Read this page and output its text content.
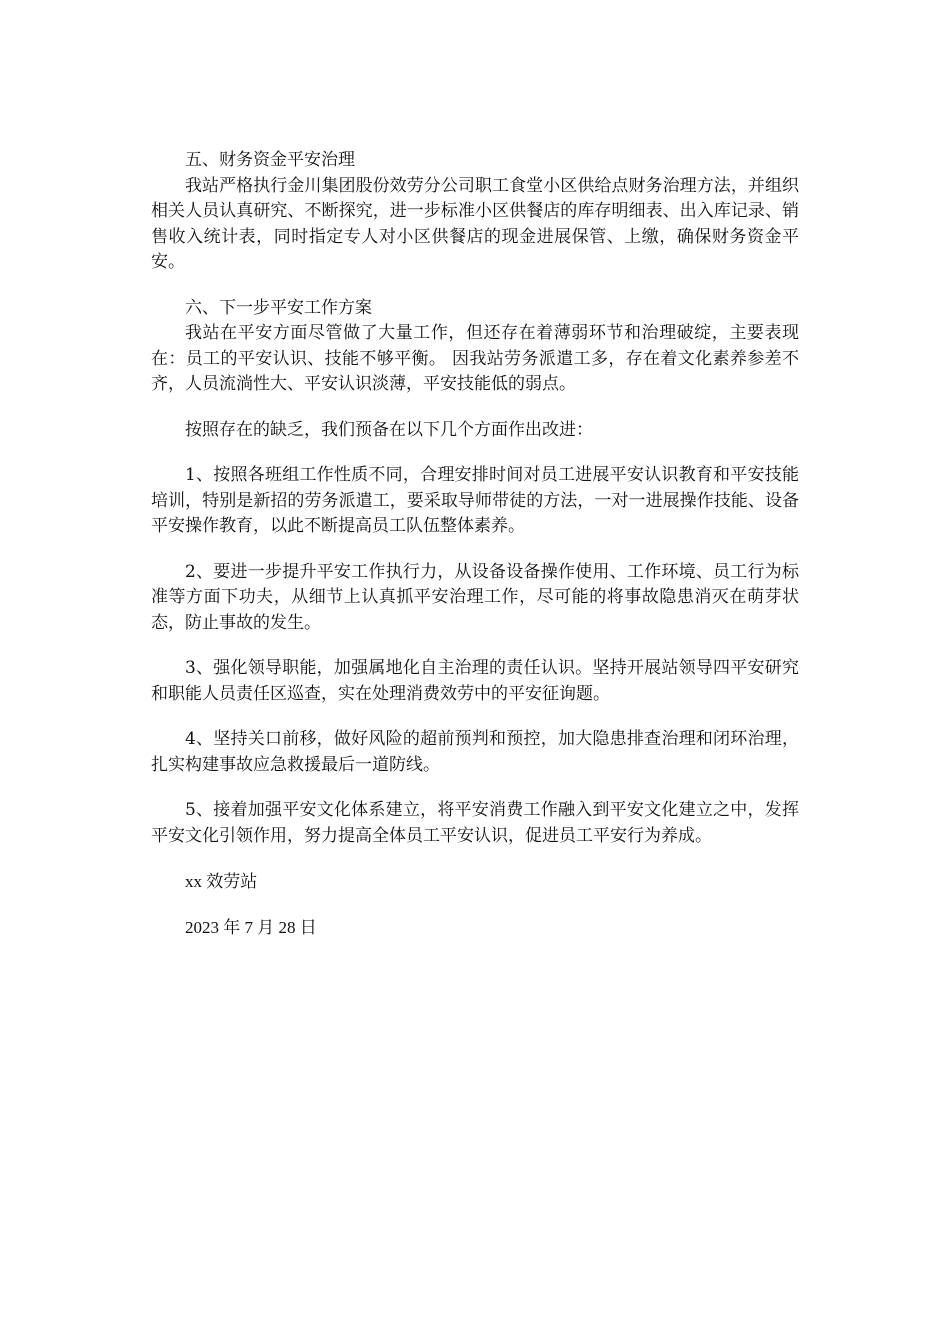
五、财务资金平安治理

我站严格执行金川集团股份效劳分公司职工食堂小区供给点财务治理方法，并组织相关人员认真研究、不断探究，进一步标准小区供餐店的库存明细表、出入库记录、销售收入统计表，同时指定专人对小区供餐店的现金进展保管、上缴，确保财务资金平安。

六、下一步平安工作方案

我站在平安方面尽管做了大量工作，但还存在着薄弱环节和治理破绽，主要表现在：员工的平安认识、技能不够平衡。 因我站劳务派遣工多，存在着文化素养参差不齐，人员流淌性大、平安认识淡薄，平安技能低的弱点。

按照存在的缺乏，我们预备在以下几个方面作出改进：

1、按照各班组工作性质不同，合理安排时间对员工进展平安认识教育和平安技能培训，特别是新招的劳务派遣工，要采取导师带徒的方法，一对一进展操作技能、设备平安操作教育，以此不断提高员工队伍整体素养。

2、要进一步提升平安工作执行力，从设备设备操作使用、工作环境、员工行为标准等方面下功夫，从细节上认真抓平安治理工作，尽可能的将事故隐患消灭在萌芽状态，防止事故的发生。

3、强化领导职能，加强属地化自主治理的责任认识。坚持开展站领导四平安研究和职能人员责任区巡查，实在处理消费效劳中的平安征询题。

4、坚持关口前移，做好风险的超前预判和预控，加大隐患排查治理和闭环治理，扎实构建事故应急救援最后一道防线。

5、接着加强平安文化体系建立，将平安消费工作融入到平安文化建立之中，发挥平安文化引领作用，努力提高全体员工平安认识，促进员工平安行为养成。

xx 效劳站

2023 年 7 月 28 日
